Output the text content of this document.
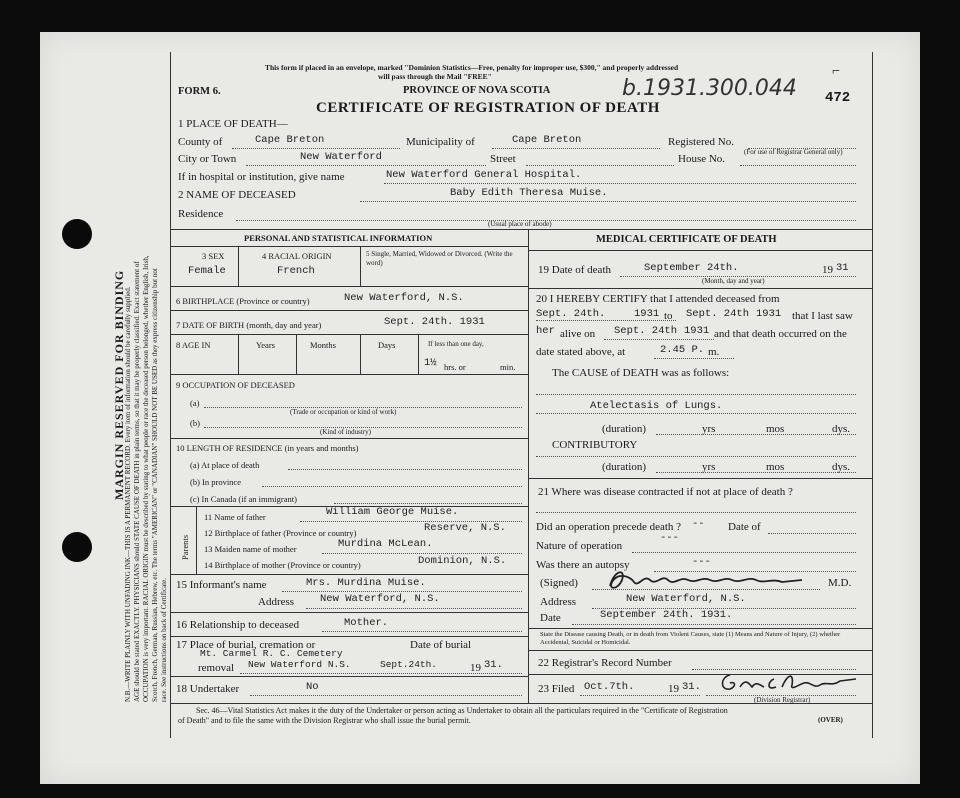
MARGIN RESERVED FOR BINDING
N.B.—WRITE PLAINLY WITH UNFADING INK—THIS IS A PERMANENT RECORD. Every item of information should be carefully supplied. AGE should be stated EXACTLY. PHYSICIANS should STATE CAUSE OF DEATH in plain terms, so that it may be properly classified. Exact statement of OCCUPATION is very important. RACIAL ORIGIN must be described by stating to what people or race the deceased person belonged, whether English, Irish, Scotch, French, German, Russian, Hebrew, etc. The terms "AMERICAN" or "CANADIAN" SHOULD NOT BE USED as they express citizenship but not race. See instructions on back of Certificate.
This form if placed in an envelope, marked "Dominion Statistics—Free, penalty for improper use, $300," and properly addressed
will pass through the Mail "FREE"
PROVINCE OF NOVA SCOTIA
FORM 6.
CERTIFICATE OF REGISTRATION OF DEATH
b.1931.300.044 472
⌐
1 PLACE OF DEATH—
County of	Cape Breton	Municipality of	Cape Breton	Registered No.
(For use of Registrar General only)
City or Town	New Waterford	Street	House No.
If in hospital or institution, give name	New Waterford General Hospital.
2 NAME OF DECEASED	Baby Edith Theresa Muise.
Residence
(Usual place of abode)
PERSONAL AND STATISTICAL INFORMATION
3 SEX
Female
4 RACIAL ORIGIN
French
5 Single, Married, Widowed or Divorced. (Write the word)
6 BIRTHPLACE (Province or country)	New Waterford, N.S.
7 DATE OF BIRTH (month, day and year)	Sept. 24th. 1931
8 AGE IN	Years	Months	Days	If less than one day,
1½ hrs. or	min.
9 OCCUPATION OF DECEASED
(a)
(Trade or occupation or kind of work)
(b)
(Kind of industry)
10 LENGTH OF RESIDENCE (in years and months)
(a) At place of death
(b) In province
(c) In Canada (if an immigrant)
Parents
11 Name of father	William George Muise.
12 Birthplace of father (Province or country)	Reserve, N.S.
13 Maiden name of mother	Murdina McLean.
14 Birthplace of mother (Province or country)	Dominion, N.S.
15 Informant's name	Mrs. Murdina Muise.
Address New Waterford, N.S.
16 Relationship to deceased	Mother.
17 Place of burial, cremation or
Mt. Carmel R. C. Cemetery
Date of burial
removal New Waterford N.S.	Sept.24th.	19 31.
18 Undertaker	No
MEDICAL CERTIFICATE OF DEATH
19 Date of death	September 24th.	19 31
(Month, day and year)
20 I HEREBY CERTIFY that I attended deceased from
Sept. 24th.	1931 to Sept. 24th 1931 that I last saw
her alive on Sept. 24th 1931 and that death occurred on the
date stated above, at	2.45 P. m.
The CAUSE of DEATH was as follows:
Atelectasis of Lungs.
(duration)	yrs	mos	dys.
CONTRIBUTORY
(duration)	yrs	mos	dys.
21 Where was disease contracted if not at place of death ?
Did an operation precede death ? -- Date of
---
Nature of operation
Was there an autopsy	---
(Signed)	M.D.
Address	New Waterford, N.S.
Date	September 24th. 1931.
State the Disease causing Death, or in death from Violent Causes, state (1) Means and Nature of Injury, (2) whether Accidental, Suicidal or Homicidal.
22 Registrar's Record Number
23 Filed Oct.7th.	19 31.
(Division Registrar)
Sec. 46—Vital Statistics Act makes it the duty of the Undertaker or person acting as Undertaker to obtain all the particulars required in the "Certificate of Registration
of Death" and to file the same with the Division Registrar who shall issue the burial permit.	(OVER)
